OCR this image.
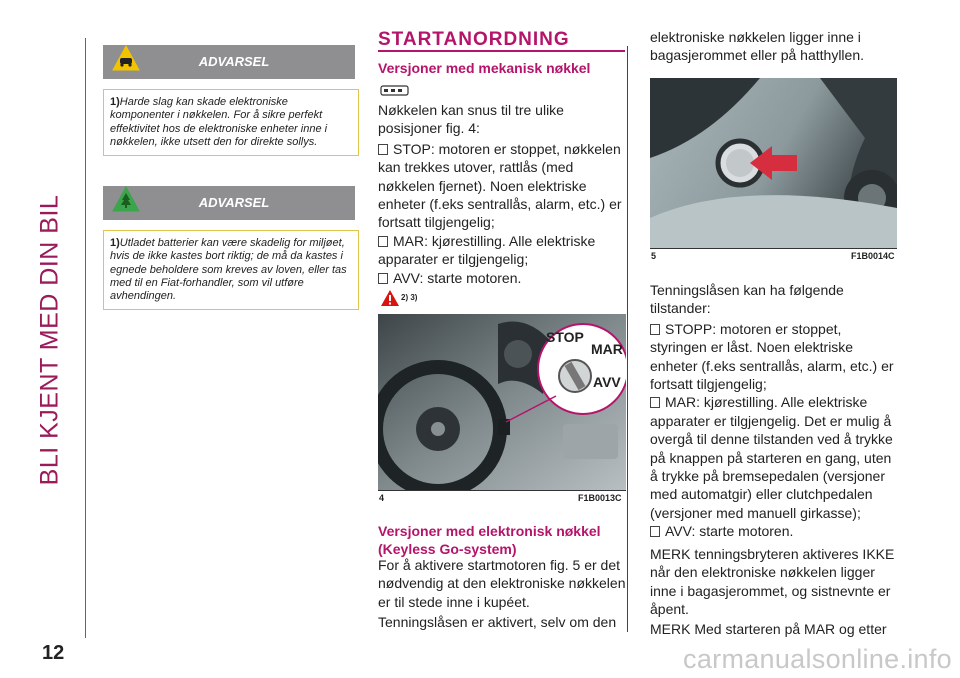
BLI KJENT MED DIN BIL
12	carmanualsonline.info
ADVARSEL
1)Harde slag kan skade elektroniske komponenter i nøkkelen. For å sikre perfekt effektivitet hos de elektroniske enheter inne i nøkkelen, ikke utsett den for direkte sollys.
ADVARSEL
1)Utladet batterier kan være skadelig for miljøet, hvis de ikke kastes bort riktig; de må da kastes i egnede beholdere som kreves av loven, eller tas med til en Fiat-forhandler, som vil utføre avhendingen.
STARTANORDNING
Versjoner med mekanisk nøkkel

Nøkkelen kan snus til tre ulike posisjoner fig. 4:

STOP: motoren er stoppet, nøkkelen kan trekkes utover, rattlås (med nøkkelen fjernet). Noen elektriske enheter (f.eks sentrallås, alarm, etc.) er fortsatt tilgjengelig;
MAR: kjørestilling. Alle elektriske apparater er tilgjengelig;
AVV: starte motoren.
2) 3)
STOP
MAR
AVV
4	F1B0013C
Versjoner med elektronisk nøkkel (Keyless Go-system)

For å aktivere startmotoren fig. 5 er det nødvendig at den elektroniske nøkkelen er til stede inne i kupéet.

Tenningslåsen er aktivert, selv om den

elektroniske nøkkelen ligger inne i bagasjerommet eller på hatthyllen.
5	F1B0014C

Tenningslåsen kan ha følgende tilstander:

STOPP: motoren er stoppet, styringen er låst. Noen elektriske enheter (f.eks sentrallås, alarm, etc.) er fortsatt tilgjengelig;
MAR: kjørestilling. Alle elektriske apparater er tilgjengelig. Det er mulig å overgå til denne tilstanden ved å trykke på knappen på starteren en gang, uten å trykke på bremsepedalen (versjoner med automatgir) eller clutchpedalen (versjoner med manuell girkasse);
AVV: starte motoren.

MERK tenningsbryteren aktiveres IKKE når den elektroniske nøkkelen ligger inne i bagasjerommet, og sistnevnte er åpent.

MERK Med starteren på MAR og etter
